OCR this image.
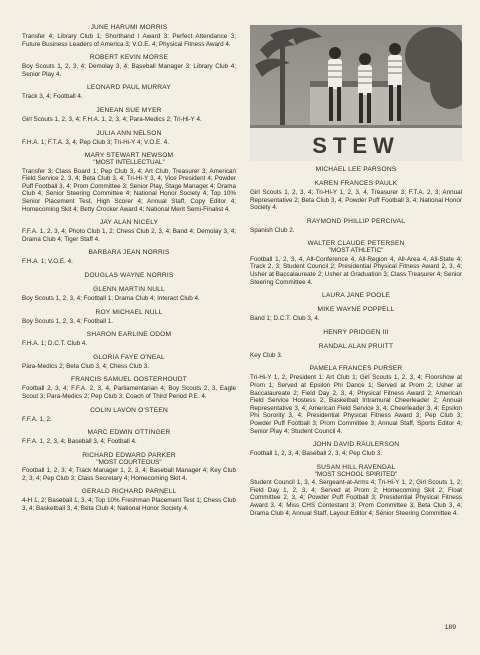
JUNE HARUMI MORRIS
Transfer 4; Library Club 1; Shorthand I Award 3; Perfect Attendance 3; Future Business Leaders of America 3; V.O.E. 4; Physical Fitness Award 4.
ROBERT KEVIN MORSE
Boy Scouts 1, 2, 3, 4; Demolay 3, 4; Baseball Manager 3; Library Club 4; Senior Play 4.
LEONARD PAUL MURRAY
Track 3, 4; Football 4.
JENEAN SUE MYER
Girl Scouts 1, 2, 3, 4; F.H.A. 1, 2, 3, 4; Para-Medics 2; Tri-Hi-Y 4.
JULIA ANN NELSON
F.H.A. 1; F.T.A. 3, 4; Pep Club 3; Tri-Hi-Y 4; V.O.E. 4.
MARY STEWART NEWSOM
"MOST INTELLECTUAL"
Transfer 3; Class Board 1; Pep Club 3, 4; Art Club, Treasurer 3; American Field Service 2, 3, 4; Beta Club 3, 4; Tri-Hi-Y 3, 4, Vice President 4; Powder Puff Football 3, 4; Prom Committee 3; Senior Play, Stage Manager 4; Drama Club 4; Senior Steering Committee 4; National Honor Society 4; Top 10% Senior Placement Test, High Scorer 4; Annual Staff, Copy Editor 4; Homecoming Skit 4; Betty Crocker Award 4; National Merit Semi-Finalist 4.
JAY ALAN NICELY
F.F.A. 1, 2, 3, 4; Photo Club 1, 2; Chess Club 2, 3, 4; Band 4; Demolay 3, 4; Drama Club 4; Tiger Staff 4.
BARBARA JEAN NORRIS
F.H.A. 1; V.O.E. 4.
DOUGLAS WAYNE NORRIS
GLENN MARTIN NULL
Boy Scouts 1, 2, 3, 4; Football 1; Drama Club 4; Interact Club 4.
ROY MICHAEL NULL
Boy Scouts 1, 2, 3, 4; Football 1.
SHARON EARLINE ODOM
F.H.A. 1; D.C.T. Club 4.
GLORIA FAYE O'NEAL
Para-Medics 2; Beta Club 3, 4; Chess Club 3.
FRANCIS SAMUEL OOSTERHOUDT
Football 2, 3, 4; F.F.A. 2, 3, 4, Parliamentarian 4; Boy Scouts 2, 3, Eagle Scout 3; Para-Medics 2; Pep Club 3; Coach of Third Period P.E. 4.
COLIN LAVON O'STEEN
F.F.A. 1, 2.
MARC EDWIN OTTINGER
F.F.A. 1, 2, 3, 4; Baseball 3, 4; Football 4.
RICHARD EDWARD PARKER
"MOST COURTEOUS"
Football 1, 2, 3, 4; Track Manager 1, 2, 3, 4; Baseball Manager 4; Key Club 2, 3, 4; Pep Club 3; Class Secretary 4; Homecoming Skit 4.
GERALD RICHARD PARNELL
4-H 1, 2; Baseball 1, 3, 4; Top 10% Freshman Placement Test 1; Chess Club 3, 4; Basketball 3, 4; Beta Club 4; National Honor Society 4.
STEW
MICHAEL LEE PARSONS
KAREN FRANCES PAULK
Girl Scouts 1, 2, 3, 4; Tri-Hi-Y 1, 2, 3, 4, Treasurer 3; F.T.A. 2, 3; Annual Representative 2; Beta Club 3, 4; Powder Puff Football 3, 4; National Honor Society 4.
RAYMOND PHILLIP PERCIVAL
Spanish Club 2.
WALTER CLAUDE PETERSEN
"MOST ATHLETIC"
Football 1, 2, 3, 4, All-Conference 4, All-Region 4, All-Area 4, All-State 4; Track 2, 3; Student Council 2; Presidential Physical Fitness Award 2, 3, 4; Usher at Baccalaureate 2; Usher at Graduation 3; Class Treasurer 4; Senior Steering Committee 4.
LAURA JANE POOLE
MIKE WAYNE POPPELL
Band 1; D.C.T. Club 3, 4.
HENRY PRIDGEN III
RANDAL ALAN PRUITT
Key Club 3.
PAMELA FRANCES PURSER
Tri-Hi-Y 1, 2, President 1; Art Club 1; Girl Scouts 1, 2, 3, 4; Floorshow at Prom 1; Served at Epsilon Phi Dance 1; Served at Prom 2; Usher at Baccalaureate 2; Field Day 2, 3, 4; Physical Fitness Award 2; American Field Service Hostess 2; Basketball Intramural Cheerleader 2; Annual Representative 3, 4; American Field Service 3, 4; Cheerleader 3, 4; Epsilon Phi Sorority 3, 4; Presidential Physical Fitness Award 3; Pep Club 3; Powder Puff Football 3; Prom Committee 3; Annual Staff, Sports Editor 4; Senior Play 4; Student Council 4.
JOHN DAVID RAULERSON
Football 1, 2, 3, 4; Baseball 2, 3, 4; Pep Club 3.
SUSAN HILL RAVENDAL
"MOST SCHOOL SPIRITED"
Student Council 1, 3, 4, Sergeant-at-Arms 4; Tri-Hi-Y 1, 2; Girl Scouts 1, 2; Field Day 1, 2, 3, 4; Served at Prom 2; Homecoming Skit 2; Float Committee 2, 3, 4; Powder Puff Football 3; Presidential Physical Fitness Award 3, 4; Miss CHS Contestant 3; Prom Committee 3; Beta Club 3, 4; Drama Club 4; Annual Staff, Layout Editor 4; Senior Steering Committee 4.
189
